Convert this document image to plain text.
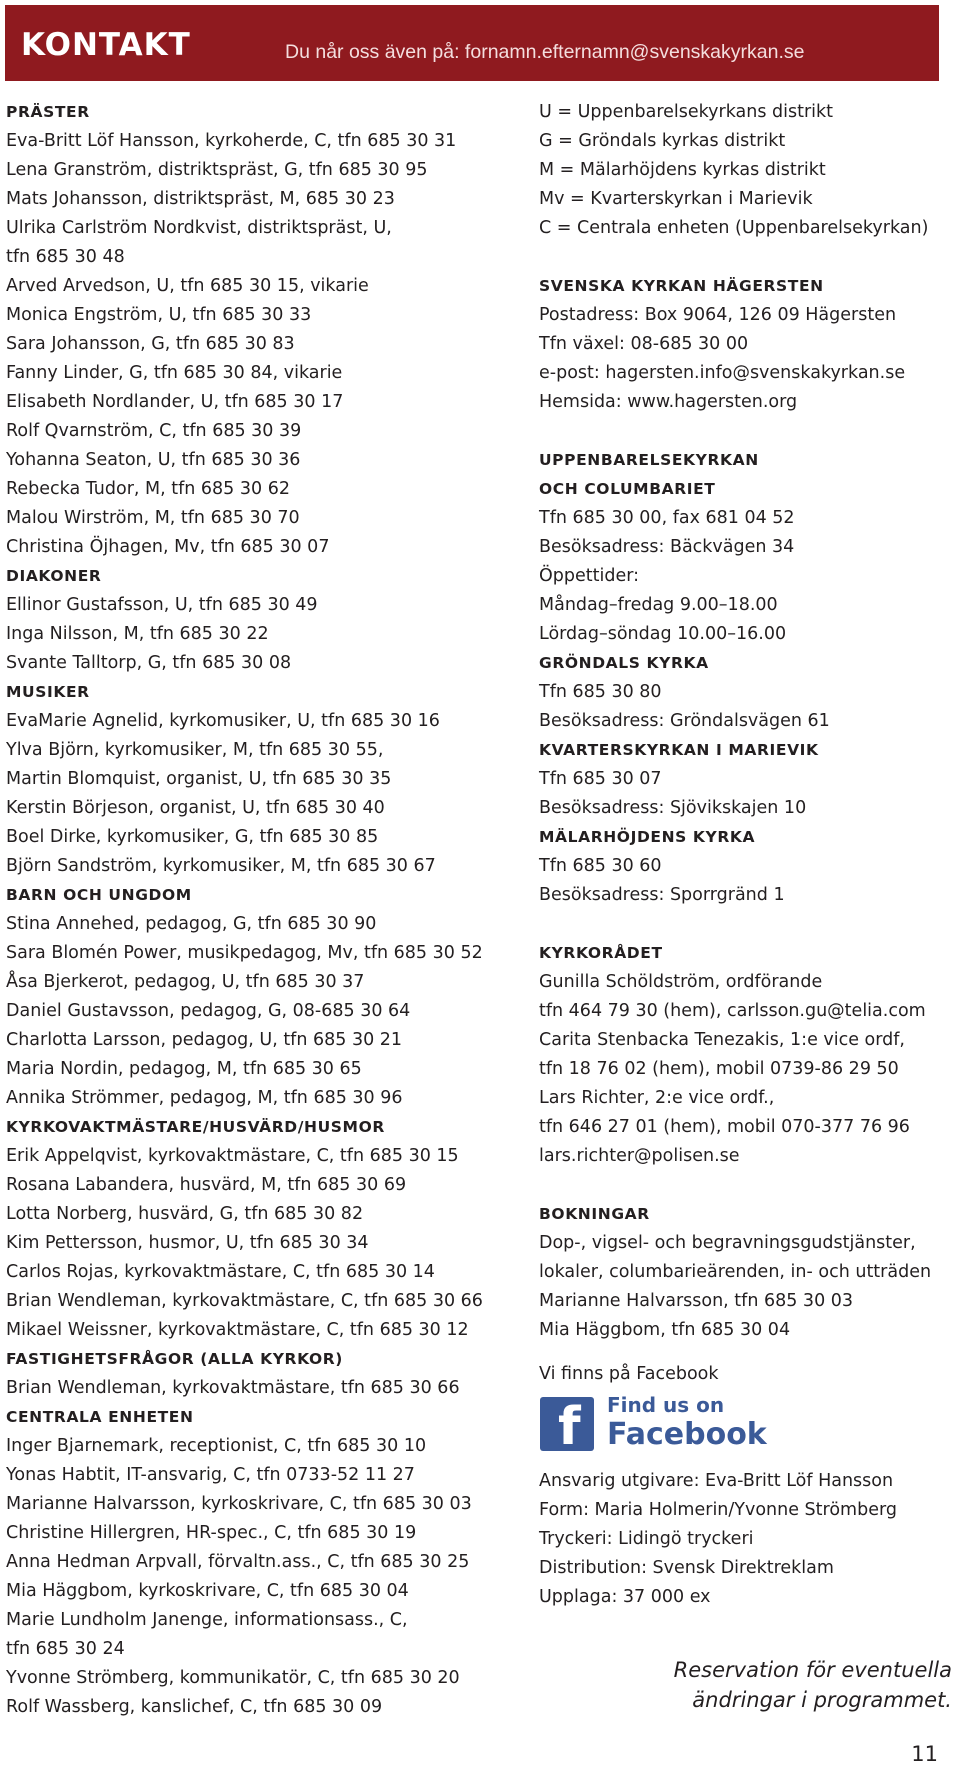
KONTAKT	Du når oss även på: fornamn.efternamn@svenskakyrkan.se
PRÄSTER
Eva-Britt Löf Hansson, kyrkoherde, C, tfn 685 30 31
Lena Granström, distriktspräst, G, tfn 685 30 95
Mats Johansson, distriktspräst, M, 685 30 23
Ulrika Carlström Nordkvist, distriktspräst, U,
tfn 685 30 48
Arved Arvedson, U, tfn 685 30 15, vikarie
Monica Engström, U, tfn 685 30 33
Sara Johansson, G, tfn 685 30 83
Fanny Linder, G, tfn 685 30 84, vikarie
Elisabeth Nordlander, U, tfn 685 30 17
Rolf Qvarnström, C, tfn 685 30 39
Yohanna Seaton, U, tfn 685 30 36
Rebecka Tudor, M, tfn 685 30 62
Malou Wirström, M, tfn 685 30 70
Christina Öjhagen, Mv, tfn 685 30 07
DIAKONER
Ellinor Gustafsson, U, tfn 685 30 49
Inga Nilsson, M, tfn 685 30 22
Svante Talltorp, G, tfn 685 30 08
MUSIKER
EvaMarie Agnelid, kyrkomusiker, U, tfn 685 30 16
Ylva Björn, kyrkomusiker, M, tfn 685 30 55,
Martin Blomquist, organist, U, tfn 685 30 35
Kerstin Börjeson, organist, U, tfn 685 30 40
Boel Dirke, kyrkomusiker, G, tfn 685 30 85
Björn Sandström, kyrkomusiker, M, tfn 685 30 67
BARN OCH UNGDOM
Stina Annehed, pedagog, G, tfn 685 30 90
Sara Blomén Power, musikpedagog, Mv, tfn 685 30 52
Åsa Bjerkerot, pedagog, U, tfn 685 30 37
Daniel Gustavsson, pedagog, G, 08-685 30 64
Charlotta Larsson, pedagog, U, tfn 685 30 21
Maria Nordin, pedagog, M, tfn 685 30 65
Annika Strömmer, pedagog, M, tfn 685 30 96
KYRKOVAKTMÄSTARE/HUSVÄRD/HUSMOR
Erik Appelqvist, kyrkovaktmästare, C, tfn 685 30 15
Rosana Labandera, husvärd, M, tfn 685 30 69
Lotta Norberg, husvärd, G, tfn 685 30 82
Kim Pettersson, husmor, U, tfn 685 30 34
Carlos Rojas, kyrkovaktmästare, C, tfn 685 30 14
Brian Wendleman, kyrkovaktmästare, C, tfn 685 30 66
Mikael Weissner, kyrkovaktmästare, C, tfn 685 30 12
FASTIGHETSFRÅGOR (ALLA KYRKOR)
Brian Wendleman, kyrkovaktmästare, tfn 685 30 66
CENTRALA ENHETEN
Inger Bjarnemark, receptionist, C, tfn 685 30 10
Yonas Habtit, IT-ansvarig, C, tfn 0733-52 11 27
Marianne Halvarsson, kyrkoskrivare, C, tfn 685 30 03
Christine Hillergren, HR-spec., C, tfn 685 30 19
Anna Hedman Arpvall, förvaltn.ass., C, tfn 685 30 25
Mia Häggbom, kyrkoskrivare, C, tfn 685 30 04
Marie Lundholm Janenge, informationsass., C,
tfn 685 30 24
Yvonne Strömberg, kommunikatör, C, tfn 685 30 20
Rolf Wassberg, kanslichef, C, tfn 685 30 09
U = Uppenbarelsekyrkans distrikt
G = Gröndals kyrkas distrikt
M = Mälarhöjdens kyrkas distrikt
Mv = Kvarterskyrkan i Marievik
C = Centrala enheten (Uppenbarelsekyrkan)
SVENSKA KYRKAN HÄGERSTEN
Postadress: Box 9064, 126 09 Hägersten
Tfn växel: 08-685 30 00
e-post: hagersten.info@svenskakyrkan.se
Hemsida: www.hagersten.org
UPPENBARELSEKYRKAN
OCH COLUMBARIET
Tfn 685 30 00, fax 681 04 52
Besöksadress: Bäckvägen 34
Öppettider:
Måndag–fredag 9.00–18.00
Lördag–söndag 10.00–16.00
GRÖNDALS KYRKA
Tfn 685 30 80
Besöksadress: Gröndalsvägen 61
KVARTERSKYRKAN I MARIEVIK
Tfn 685 30 07
Besöksadress: Sjövikskajen 10
MÄLARHÖJDENS KYRKA
Tfn 685 30 60
Besöksadress: Sporrgränd 1
KYRKORÅDET
Gunilla Schöldström, ordförande
tfn 464 79 30 (hem), carlsson.gu@telia.com
Carita Stenbacka Tenezakis, 1:e vice ordf,
tfn 18 76 02 (hem), mobil 0739-86 29 50
Lars Richter, 2:e vice ordf.,
tfn 646 27 01 (hem), mobil 070-377 76 96
lars.richter@polisen.se
BOKNINGAR
Dop-, vigsel- och begravningsgudstjänster,
lokaler, columbarieärenden, in- och utträden
Marianne Halvarsson, tfn 685 30 03
Mia Häggbom, tfn 685 30 04
Vi finns på Facebook
f Find us on
Facebook
Ansvarig utgivare: Eva-Britt Löf Hansson
Form: Maria Holmerin/Yvonne Strömberg
Tryckeri: Lidingö tryckeri
Distribution: Svensk Direktreklam
Upplaga: 37 000 ex
Reservation för eventuella
ändringar i programmet.
11
